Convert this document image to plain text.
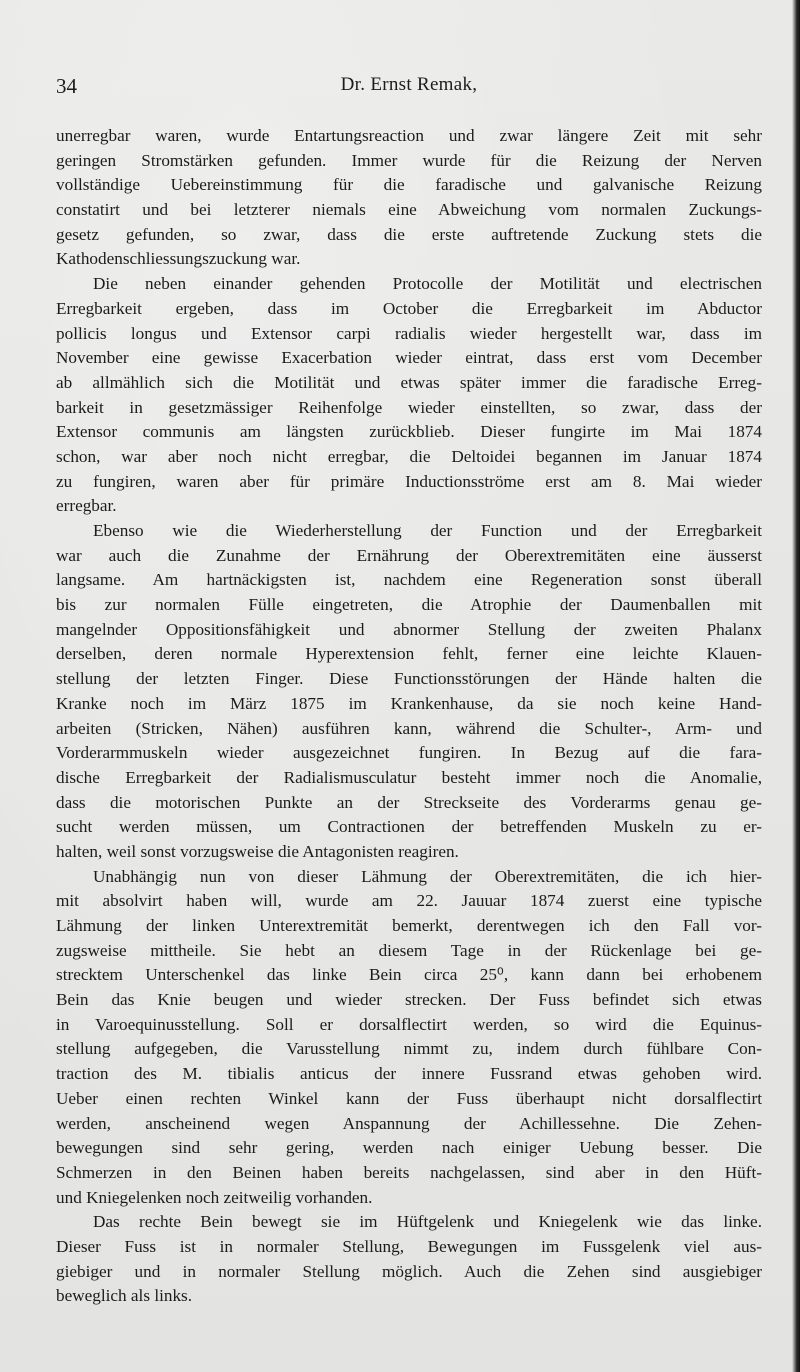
34	Dr. Ernst Remak,
unerregbar waren, wurde Entartungsreaction und zwar längere Zeit mit sehr
geringen Stromstärken gefunden. Immer wurde für die Reizung der Nerven
vollständige Uebereinstimmung für die faradische und galvanische Reizung
constatirt und bei letzterer niemals eine Abweichung vom normalen Zuckungs-
gesetz gefunden, so zwar, dass die erste auftretende Zuckung stets die
Kathodenschliessungszuckung war.
Die neben einander gehenden Protocolle der Motilität und electrischen
Erregbarkeit ergeben, dass im October die Erregbarkeit im Abductor
pollicis longus und Extensor carpi radialis wieder hergestellt war, dass im
November eine gewisse Exacerbation wieder eintrat, dass erst vom December
ab allmählich sich die Motilität und etwas später immer die faradische Erreg-
barkeit in gesetzmässiger Reihenfolge wieder einstellten, so zwar, dass der
Extensor communis am längsten zurückblieb. Dieser fungirte im Mai 1874
schon, war aber noch nicht erregbar, die Deltoidei begannen im Januar 1874
zu fungiren, waren aber für primäre Inductionsströme erst am 8. Mai wieder
erregbar.
Ebenso wie die Wiederherstellung der Function und der Erregbarkeit
war auch die Zunahme der Ernährung der Oberextremitäten eine äusserst
langsame. Am hartnäckigsten ist, nachdem eine Regeneration sonst überall
bis zur normalen Fülle eingetreten, die Atrophie der Daumenballen mit
mangelnder Oppositionsfähigkeit und abnormer Stellung der zweiten Phalanx
derselben, deren normale Hyperextension fehlt, ferner eine leichte Klauen-
stellung der letzten Finger. Diese Functionsstörungen der Hände halten die
Kranke noch im März 1875 im Krankenhause, da sie noch keine Hand-
arbeiten (Stricken, Nähen) ausführen kann, während die Schulter-, Arm- und
Vorderarmmuskeln wieder ausgezeichnet fungiren. In Bezug auf die fara-
dische Erregbarkeit der Radialismusculatur besteht immer noch die Anomalie,
dass die motorischen Punkte an der Streckseite des Vorderarms genau ge-
sucht werden müssen, um Contractionen der betreffenden Muskeln zu er-
halten, weil sonst vorzugsweise die Antagonisten reagiren.
Unabhängig nun von dieser Lähmung der Oberextremitäten, die ich hier-
mit absolvirt haben will, wurde am 22. Jauuar 1874 zuerst eine typische
Lähmung der linken Unterextremität bemerkt, derentwegen ich den Fall vor-
zugsweise mittheile. Sie hebt an diesem Tage in der Rückenlage bei ge-
strecktem Unterschenkel das linke Bein circa 25⁰, kann dann bei erhobenem
Bein das Knie beugen und wieder strecken. Der Fuss befindet sich etwas
in Varoequinusstellung. Soll er dorsalflectirt werden, so wird die Equinus-
stellung aufgegeben, die Varusstellung nimmt zu, indem durch fühlbare Con-
traction des M. tibialis anticus der innere Fussrand etwas gehoben wird.
Ueber einen rechten Winkel kann der Fuss überhaupt nicht dorsalflectirt
werden, anscheinend wegen Anspannung der Achillessehne. Die Zehen-
bewegungen sind sehr gering, werden nach einiger Uebung besser. Die
Schmerzen in den Beinen haben bereits nachgelassen, sind aber in den Hüft-
und Kniegelenken noch zeitweilig vorhanden.
Das rechte Bein bewegt sie im Hüftgelenk und Kniegelenk wie das linke.
Dieser Fuss ist in normaler Stellung, Bewegungen im Fussgelenk viel aus-
giebiger und in normaler Stellung möglich. Auch die Zehen sind ausgiebiger
beweglich als links.
